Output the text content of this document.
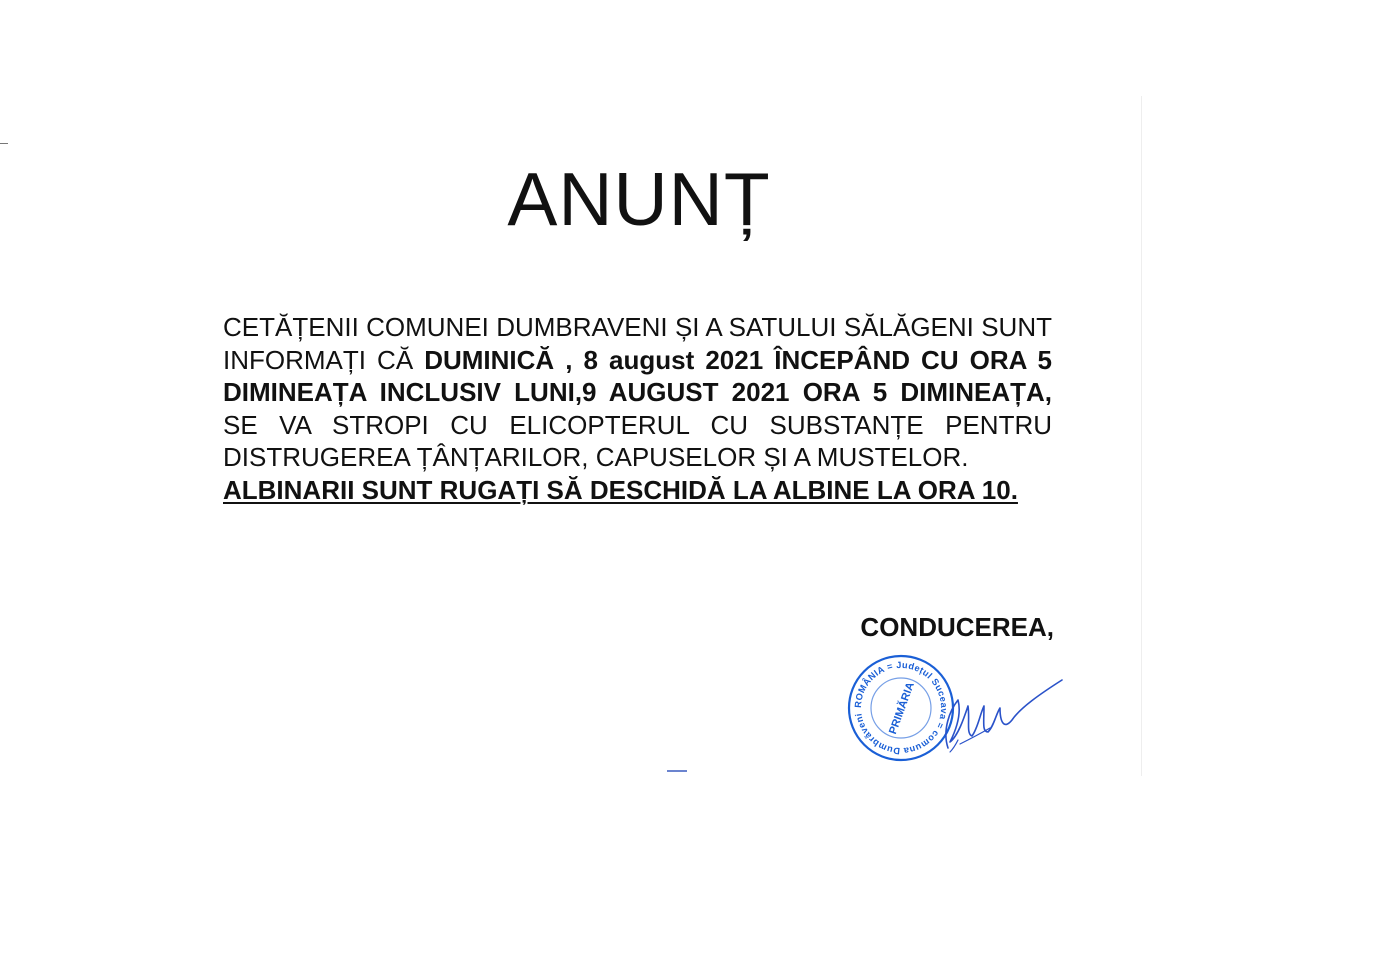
ANUNȚ

CETĂȚENII COMUNEI DUMBRAVENI ȘI A SATULUI SĂLĂGENI SUNT INFORMAȚI CĂ DUMINICĂ , 8 august 2021 ÎNCEPÂND CU ORA 5 DIMINEAȚA INCLUSIV LUNI,9 AUGUST 2021 ORA 5 DIMINEAȚA, SE VA STROPI CU ELICOPTERUL CU SUBSTANȚE PENTRU DISTRUGEREA ȚÂNȚARILOR, CAPUSELOR ȘI A MUSTELOR.
ALBINARII SUNT RUGAȚI SĂ DESCHIDĂ LA ALBINE LA ORA 10.

CONDUCEREA,

ROMÂNIA = Județul Suceava = comuna Dumbrăveni	PRIMĂRIA
